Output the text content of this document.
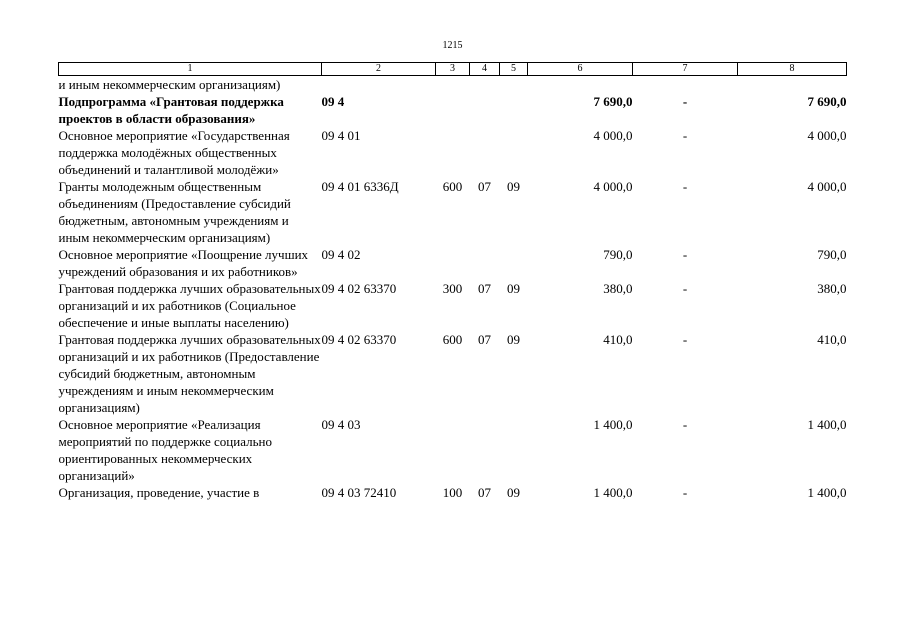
1215
1	2	3	4	5	6	7	8
и иным некоммерческим организациям)							
Подпрограмма «Грантовая поддержка проектов в области образования»	09 4				7 690,0	-	7 690,0
Основное мероприятие «Государственная поддержка молодёжных общественных объединений и талантливой молодёжи»	09 4 01				4 000,0	-	4 000,0
Гранты молодежным общественным объединениям (Предоставление субсидий бюджетным, автономным учреждениям и иным некоммерческим организациям)	09 4 01 6336Д	600	07	09	4 000,0	-	4 000,0
Основное мероприятие «Поощрение лучших учреждений образования и их работников»	09 4 02				790,0	-	790,0
Грантовая поддержка лучших образовательных организаций и их работников (Социальное обеспечение и иные выплаты населению)	09 4 02 63370	300	07	09	380,0	-	380,0
Грантовая поддержка лучших образовательных организаций и их работников (Предоставление субсидий бюджетным, автономным учреждениям и иным некоммерческим организациям)	09 4 02 63370	600	07	09	410,0	-	410,0
Основное мероприятие «Реализация мероприятий по поддержке социально ориентированных некоммерческих организаций»	09 4 03				1 400,0	-	1 400,0
Организация, проведение, участие в	09 4 03 72410	100	07	09	1 400,0	-	1 400,0
